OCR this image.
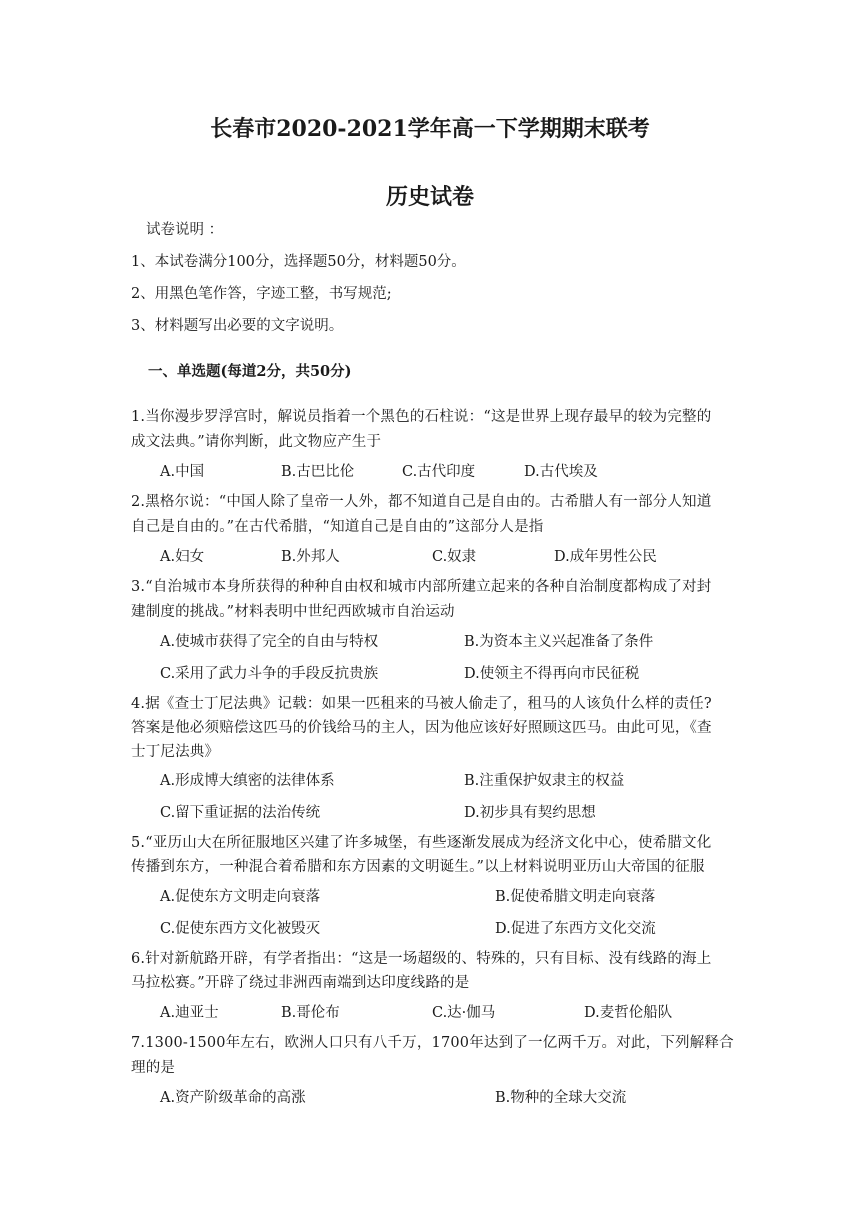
长春市2020-2021学年高一下学期期末联考
历史试卷
试卷说明 ：
1、本试卷满分100分，选择题50分，材料题50分。
2、用黑色笔作答，字迹工整，书写规范;
3、材料题写出必要的文字说明。
一、单选题(每道2分，共50分)
1.当你漫步罗浮宫时，解说员指着一个黑色的石柱说：“这是世界上现存最早的较为完整的
成文法典。”请你判断，此文物应产生于
A.中国	B.古巴比伦	C.古代印度	D.古代埃及
2.黑格尔说：“中国人除了皇帝一人外，都不知道自己是自由的。古希腊人有一部分人知道
自己是自由的。”在古代希腊，“知道自己是自由的”这部分人是指
A.妇女	B.外邦人	C.奴隶	D.成年男性公民
3.“自治城市本身所获得的种种自由权和城市内部所建立起来的各种自治制度都构成了对封
建制度的挑战。”材料表明中世纪西欧城市自治运动
A.使城市获得了完全的自由与特权	B.为资本主义兴起准备了条件
C.采用了武力斗争的手段反抗贵族	D.使领主不得再向市民征税
4.据《查士丁尼法典》记载：如果一匹租来的马被人偷走了，租马的人该负什么样的责任?
答案是他必须赔偿这匹马的价钱给马的主人，因为他应该好好照顾这匹马。由此可见，《查
士丁尼法典》
A.形成博大缜密的法律体系	B.注重保护奴隶主的权益
C.留下重证据的法治传统	D.初步具有契约思想
5.“亚历山大在所征服地区兴建了许多城堡，有些逐渐发展成为经济文化中心，使希腊文化
传播到东方，一种混合着希腊和东方因素的文明诞生。”以上材料说明亚历山大帝国的征服
A.促使东方文明走向衰落	B.促使希腊文明走向衰落
C.促使东西方文化被毁灭	D.促进了东西方文化交流
6.针对新航路开辟，有学者指出：“这是一场超级的、特殊的，只有目标、没有线路的海上
马拉松赛。”开辟了绕过非洲西南端到达印度线路的是
A.迪亚士	B.哥伦布	C.达·伽马	D.麦哲伦船队
7.1300-1500年左右，欧洲人口只有八千万，1700年达到了一亿两千万。对此，下列解释合
理的是
A.资产阶级革命的高涨	B.物种的全球大交流
